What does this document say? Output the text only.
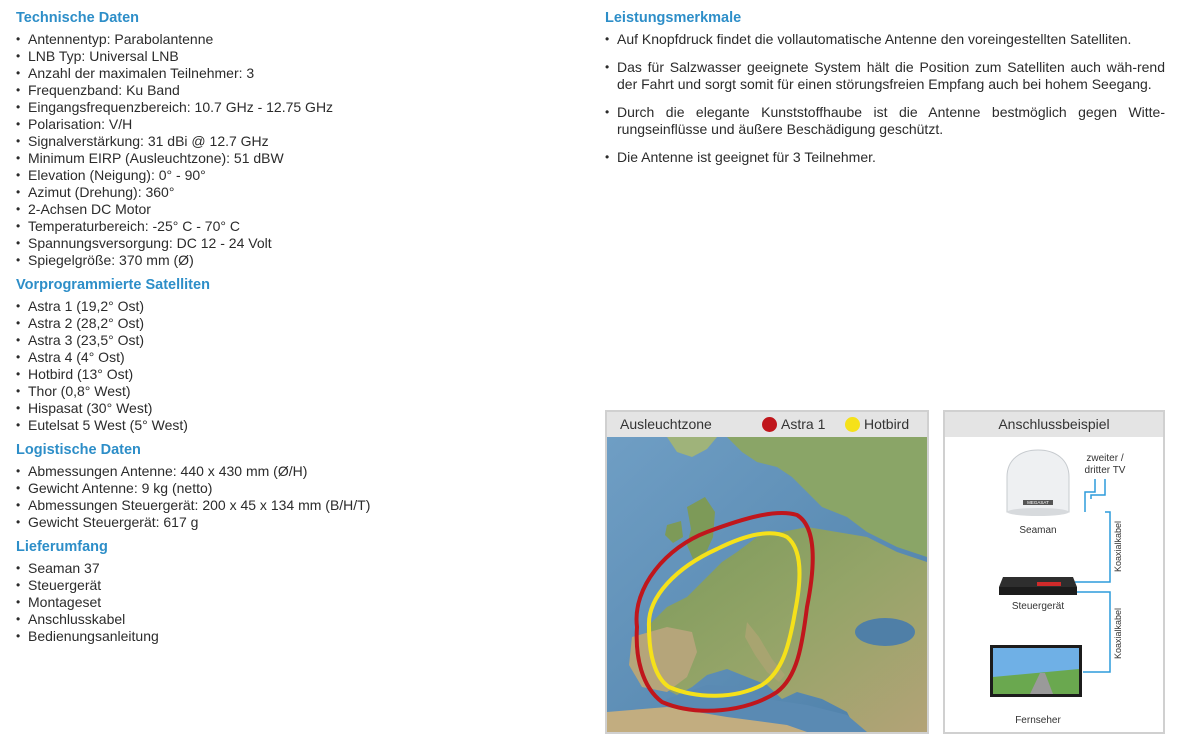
Technische Daten
• Antennentyp: Parabolantenne
• LNB Typ: Universal LNB
• Anzahl der maximalen Teilnehmer: 3
• Frequenzband: Ku Band
• Eingangsfrequenzbereich: 10.7 GHz - 12.75 GHz
• Polarisation: V/H
• Signalverstärkung: 31 dBi @ 12.7 GHz
• Minimum EIRP (Ausleuchtzone): 51 dBW
• Elevation (Neigung): 0° - 90°
• Azimut (Drehung): 360°
• 2-Achsen DC Motor
• Temperaturbereich: -25° C - 70° C
• Spannungsversorgung: DC 12 - 24 Volt
• Spiegelgröße: 370 mm (Ø)
Vorprogrammierte Satelliten
• Astra 1 (19,2° Ost)
• Astra 2 (28,2° Ost)
• Astra 3 (23,5° Ost)
• Astra 4 (4° Ost)
• Hotbird (13° Ost)
• Thor (0,8° West)
• Hispasat (30° West)
• Eutelsat 5 West (5° West)
Logistische Daten
• Abmessungen Antenne: 440 x 430 mm (Ø/H)
• Gewicht Antenne: 9 kg (netto)
• Abmessungen Steuergerät: 200 x 45 x 134 mm (B/H/T)
• Gewicht Steuergerät: 617 g
Lieferumfang
• Seaman 37
• Steuergerät
• Montageset
• Anschlusskabel
• Bedienungsanleitung
Leistungsmerkmale
• Auf Knopfdruck findet die vollautomatische Antenne den voreingestellten Satelliten.
• Das für Salzwasser geeignete System hält die Position zum Satelliten auch wäh-rend der Fahrt und sorgt somit für einen störungsfreien Empfang auch bei hohem Seegang.
• Durch die elegante Kunststoffhaube ist die Antenne bestmöglich gegen Witte-rungseinflüsse und äußere Beschädigung geschützt.
• Die Antenne ist geeignet für 3 Teilnehmer.
Ausleuchtzone	Astra 1	Hotbird	Anschlussbeispiel
MEGASAT
Seaman
zweiter /
dritter TV
Koaxialkabel
Koaxialkabel
Steuergerät
Fernseher
